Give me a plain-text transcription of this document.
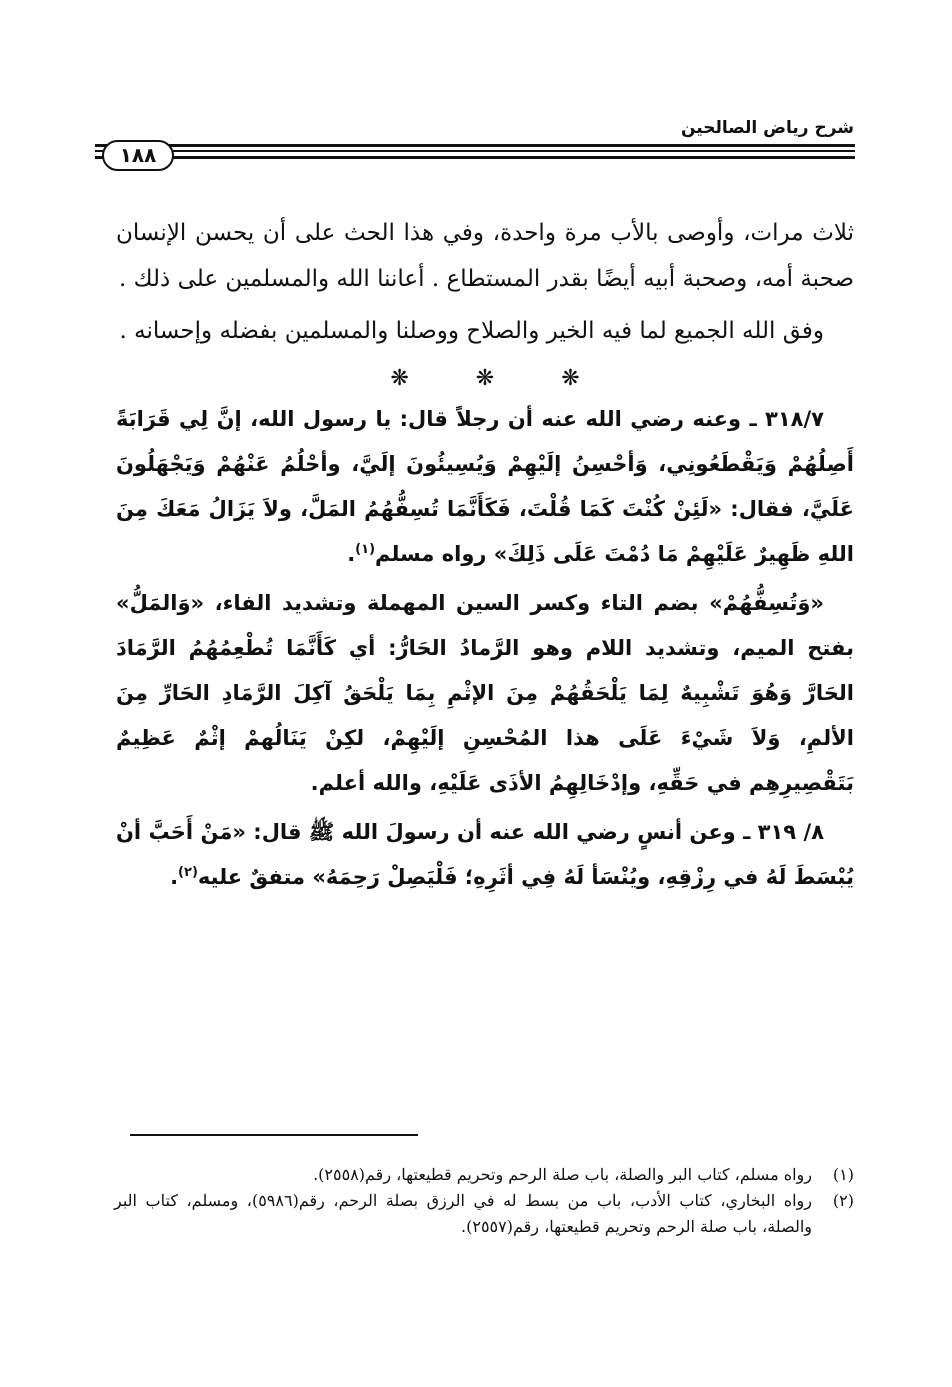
شرح رياض الصالحين
١٨٨

ثلاث مرات، وأوصى بالأب مرة واحدة، وفي هذا الحث على أن يحسن الإنسان صحبة أمه، وصحبة أبيه أيضًا بقدر المستطاع . أعاننا الله والمسلمين على ذلك .

وفق الله الجميع لما فيه الخير والصلاح ووصلنا والمسلمين بفضله وإحسانه .

❋ ❋ ❋

٣١٨/٧ ـ وعنه رضي الله عنه أن رجلاً قال: يا رسول الله، إنَّ لِي قَرَابَةً أَصِلُهُمْ وَيَقْطَعُونِي، وَأحْسِنُ إلَيْهِمْ وَيُسِيئُونَ إلَيَّ، وأحْلُمُ عَنْهُمْ وَيَجْهَلُونَ عَلَيَّ، فقال: «لَئِنْ كُنْتَ كَمَا قُلْتَ، فَكَأَنَّمَا تُسِفُّهُمُ المَلَّ، ولاَ يَزَالُ مَعَكَ مِنَ اللهِ ظَهِيرٌ عَلَيْهِمْ مَا دُمْتَ عَلَى ذَلِكَ» رواه مسلم$^{(١)}$.

«وَتُسِفُّهُمْ» بضم التاء وكسر السين المهملة وتشديد الفاء، «وَالمَلُّ» بفتح الميم، وتشديد اللام وهو الرَّمادُ الحَارُّ: أي كَأَنَّمَا تُطْعِمُهُمُ الرَّمَادَ الحَارَّ وَهُوَ تَشْبِيهٌ لِمَا يَلْحَقُهُمْ مِنَ الإثْمِ بِمَا يَلْحَقُ آكِلَ الرَّمَادِ الحَارِّ مِنَ الألمِ، وَلاَ شَيْءَ عَلَى هذا المُحْسِنِ إلَيْهِمْ، لكِنْ يَنَالُهمْ إثْمٌ عَظِيمٌ بَتَقْصِيرِهِم في حَقِّهِ، وإدْخَالِهِمُ الأذَى عَلَيْهِ، والله أعلم.

٨/ ٣١٩ ـ وعن أنسٍ رضي الله عنه أن رسولَ الله ﷺ قال: «مَنْ أَحَبَّ أنْ يُبْسَطَ لَهُ في رِزْقِهِ، ويُنْسَأ لَهُ فِي أثَرِهِ؛ فَلْيَصِلْ رَحِمَهُ» متفقٌ عليه$^{(٢)}$.

(١)
رواه مسلم، كتاب البر والصلة، باب صلة الرحم وتحريم قطيعتها، رقم(٢٥٥٨).
(٢)
رواه البخاري، كتاب الأدب، باب من بسط له في الرزق بصلة الرحم، رقم(٥٩٨٦)، ومسلم، كتاب البر والصلة، باب صلة الرحم وتحريم قطيعتها، رقم(٢٥٥٧).
